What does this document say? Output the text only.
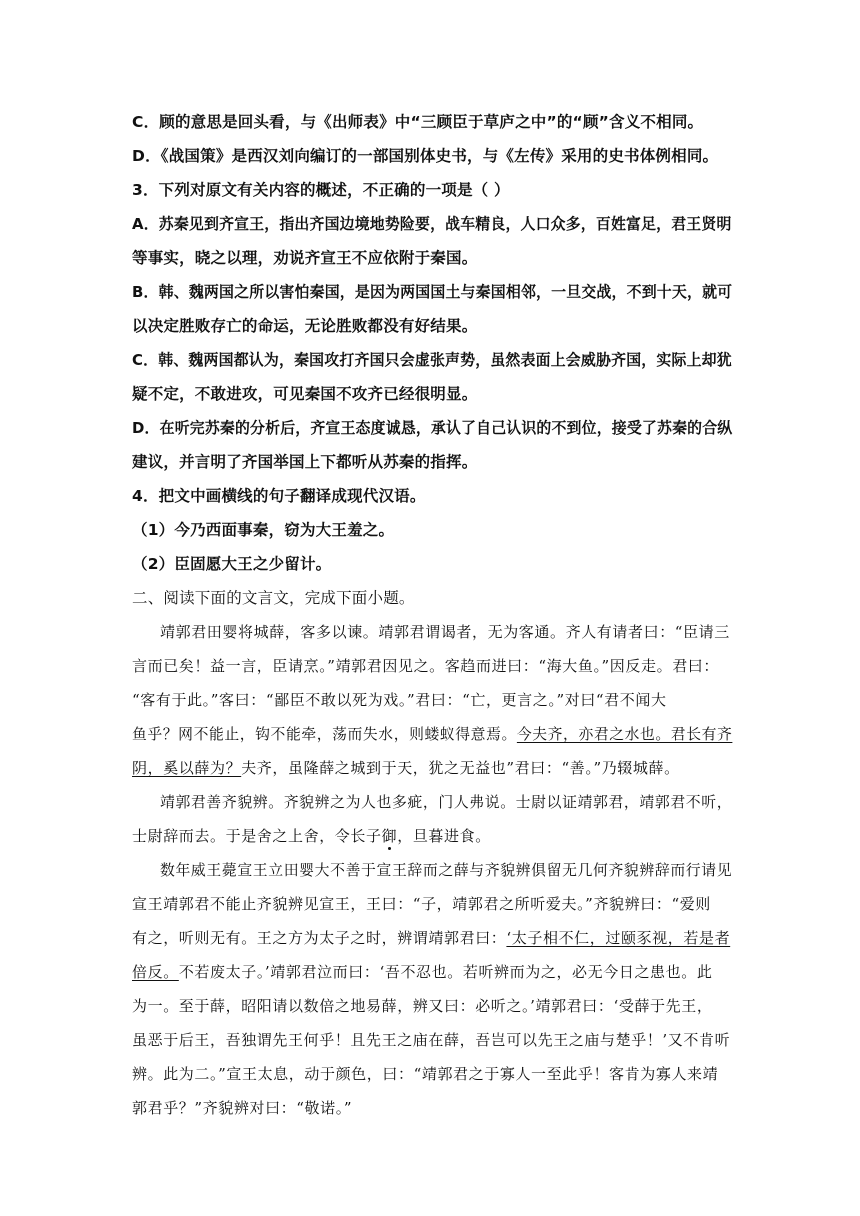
C．顾的意思是回头看，与《出师表》中“三顾臣于草庐之中”的“顾”含义不相同。
D．《战国策》是西汉刘向编订的一部国别体史书，与《左传》采用的史书体例相同。
3．下列对原文有关内容的概述，不正确的一项是（ ）
A．苏秦见到齐宣王，指出齐国边境地势险要，战车精良，人口众多，百姓富足，君王贤明
等事实，晓之以理，劝说齐宣王不应依附于秦国。
B．韩、魏两国之所以害怕秦国，是因为两国国土与秦国相邻，一旦交战，不到十天，就可
以决定胜败存亡的命运，无论胜败都没有好结果。
C．韩、魏两国都认为，秦国攻打齐国只会虚张声势，虽然表面上会威胁齐国，实际上却犹
疑不定，不敢进攻，可见秦国不攻齐已经很明显。
D．在听完苏秦的分析后，齐宣王态度诚恳，承认了自己认识的不到位，接受了苏秦的合纵
建议，并言明了齐国举国上下都听从苏秦的指挥。
4．把文中画横线的句子翻译成现代汉语。
（1）今乃西面事秦，窃为大王羞之。
（2）臣固愿大王之少留计。
二、阅读下面的文言文，完成下面小题。
靖郭君田婴将城薛，客多以谏。靖郭君谓谒者，无为客通。齐人有请者曰：“臣请三
言而已矣！益一言，臣请烹。”靖郭君因见之。客趋而进曰：“海大鱼。”因反走。君曰：
“客有于此。”客曰：“鄙臣不敢以死为戏。”君曰：“亡，更言之。”对曰“君不闻大
鱼乎？网不能止，钩不能牵，荡而失水，则蝼蚁得意焉。今夫齐，亦君之水也。君长有齐
阴，奚以薛为？夫齐，虽隆薛之城到于天，犹之无益也”君曰：“善。”乃辍城薛。
靖郭君善齐貌辨。齐貌辨之为人也多疵，门人弗说。士尉以证靖郭君，靖郭君不听，
士尉辞而去。于是舍之上舍，令长子御，旦暮进食。
数年威王薨宣王立田婴大不善于宣王辞而之薛与齐貌辨俱留无几何齐貌辨辞而行请见
宣王靖郭君不能止齐貌辨见宣王，王曰：“子，靖郭君之所听爱夫。”齐貌辨曰：“爱则
有之，听则无有。王之方为太子之时，辨谓靖郭君曰：‘太子相不仁，过颐豕视，若是者
倍反。不若废太子。’靖郭君泣而曰：‘吾不忍也。若听辨而为之，必无今日之患也。此
为一。至于薛，昭阳请以数倍之地易薛，辨又曰：必听之。’靖郭君曰：‘受薛于先王，
虽恶于后王，吾独谓先王何乎！且先王之庙在薛，吾岂可以先王之庙与楚乎！’又不肯听
辨。此为二。”宣王太息，动于颜色，曰：“靖郭君之于寡人一至此乎！客肯为寡人来靖
郭君乎？”齐貌辨对曰：“敬诺。”
